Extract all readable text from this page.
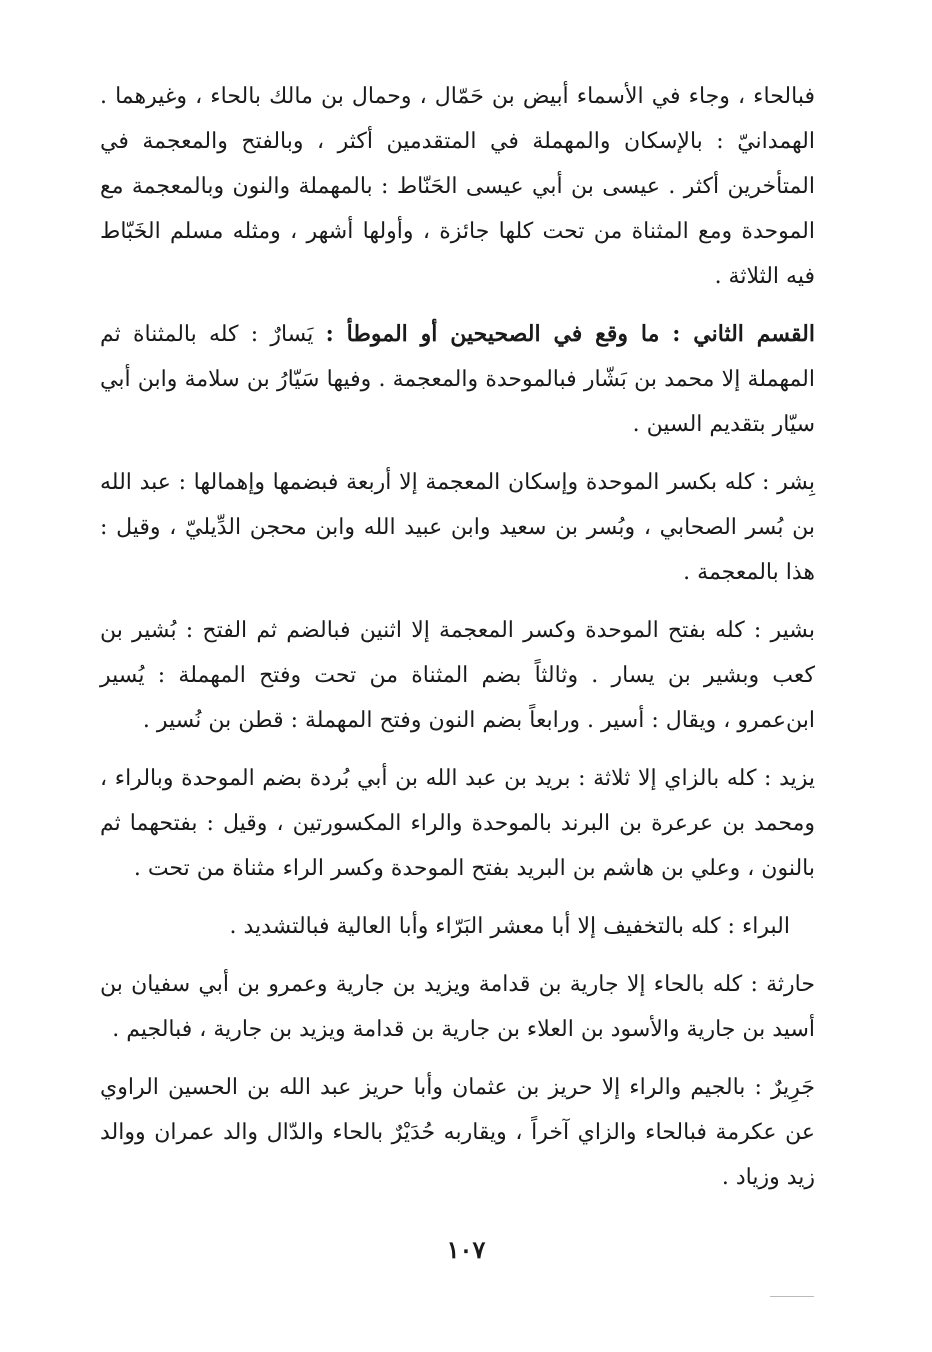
فبالحاء ، وجاء في الأسماء أبيض بن حَمّال ، وحمال بن مالك بالحاء ، وغيرهما . الهمدانيّ : بالإسكان والمهملة في المتقدمين أكثر ، وبالفتح والمعجمة في المتأخرين أكثر . عيسى بن أبي عيسى الحَنّاط : بالمهملة والنون وبالمعجمة مع الموحدة ومع المثناة من تحت كلها جائزة ، وأولها أشهر ، ومثله مسلم الخَبّاط فيه الثلاثة .

القسم الثاني : ما وقع في الصحيحين أو الموطأ : يَسارٌ : كله بالمثناة ثم المهملة إلا محمد بن بَشّار فبالموحدة والمعجمة . وفيها سَيّارُ بن سلامة وابن أبي سيّار بتقديم السين .

بِشر : كله بكسر الموحدة وإسكان المعجمة إلا أربعة فبضمها وإهمالها : عبد الله بن بُسر الصحابي ، وبُسر بن سعيد وابن عبيد الله وابن محجن الدِّيليّ ، وقيل : هذا بالمعجمة .

بشير : كله بفتح الموحدة وكسر المعجمة إلا اثنين فبالضم ثم الفتح : بُشير بن كعب وبشير بن يسار . وثالثاً بضم المثناة من تحت وفتح المهملة : يُسير ابن‌عمرو ، ويقال : أسير . ورابعاً بضم النون وفتح المهملة : قطن بن نُسير .

يزيد : كله بالزاي إلا ثلاثة : بريد بن عبد الله بن أبي بُردة بضم الموحدة وبالراء ، ومحمد بن عرعرة بن البرند بالموحدة والراء المكسورتين ، وقيل : بفتحهما ثم بالنون ، وعلي بن هاشم بن البريد بفتح الموحدة وكسر الراء مثناة من تحت .

البراء : كله بالتخفيف إلا أبا معشر البَرّاء وأبا العالية فبالتشديد .

حارثة : كله بالحاء إلا جارية بن قدامة ويزيد بن جارية وعمرو بن أبي سفيان بن أسيد بن جارية والأسود بن العلاء بن جارية بن قدامة ويزيد بن جارية ، فبالجيم .

جَرِيرٌ : بالجيم والراء إلا حريز بن عثمان وأبا حريز عبد الله بن الحسين الراوي عن عكرمة فبالحاء والزاي آخراً ، ويقاربه حُدَيْرٌ بالحاء والدّال والد عمران ووالد زيد وزياد .

١٠٧
